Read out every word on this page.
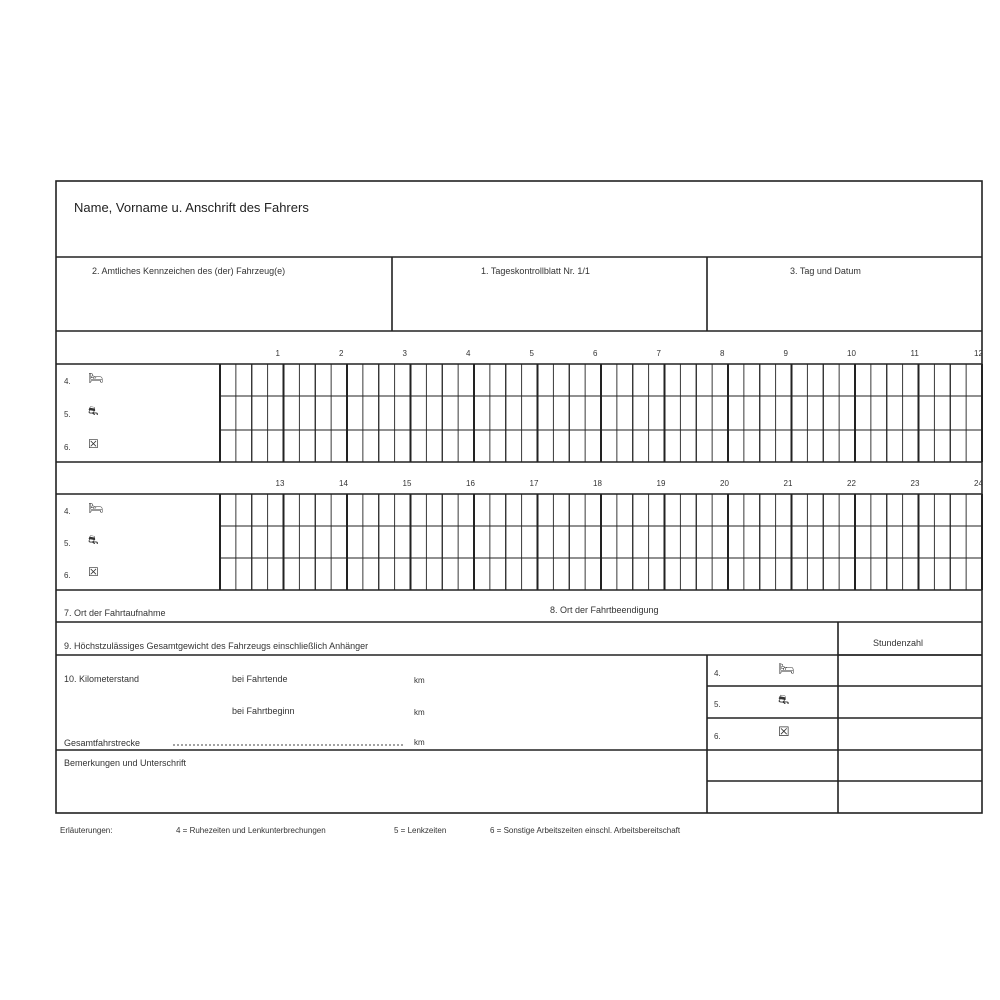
Name, Vorname u. Anschrift des Fahrers
2. Amtliches Kennzeichen des (der) Fahrzeug(e)	1. Tageskontrollblatt Nr. 1/1	3. Tag und Datum
4. 🛏
5. ⛐
6. ☒
4. 🛏
5. ⛐
6. ☒
1	2	3	4	5	6	7	8	9	10	11	12
13	14	15	16	17	18	19	20	21	22	23	24
7. Ort der Fahrtaufnahme	8. Ort der Fahrtbeendigung
9. Höchstzulässiges Gesamtgewicht des Fahrzeugs einschließlich Anhänger	Stundenzahl
10. Kilometerstand	bei Fahrtende	km
bei Fahrtbeginn	km
Gesamtfahrstrecke	km
Bemerkungen und Unterschrift
4.	🛏
5.	⛐
6.	☒
Erläuterungen:	4 = Ruhezeiten und Lenkunterbrechungen	5 = Lenkzeiten	6 = Sonstige Arbeitszeiten einschl. Arbeitsbereitschaft
